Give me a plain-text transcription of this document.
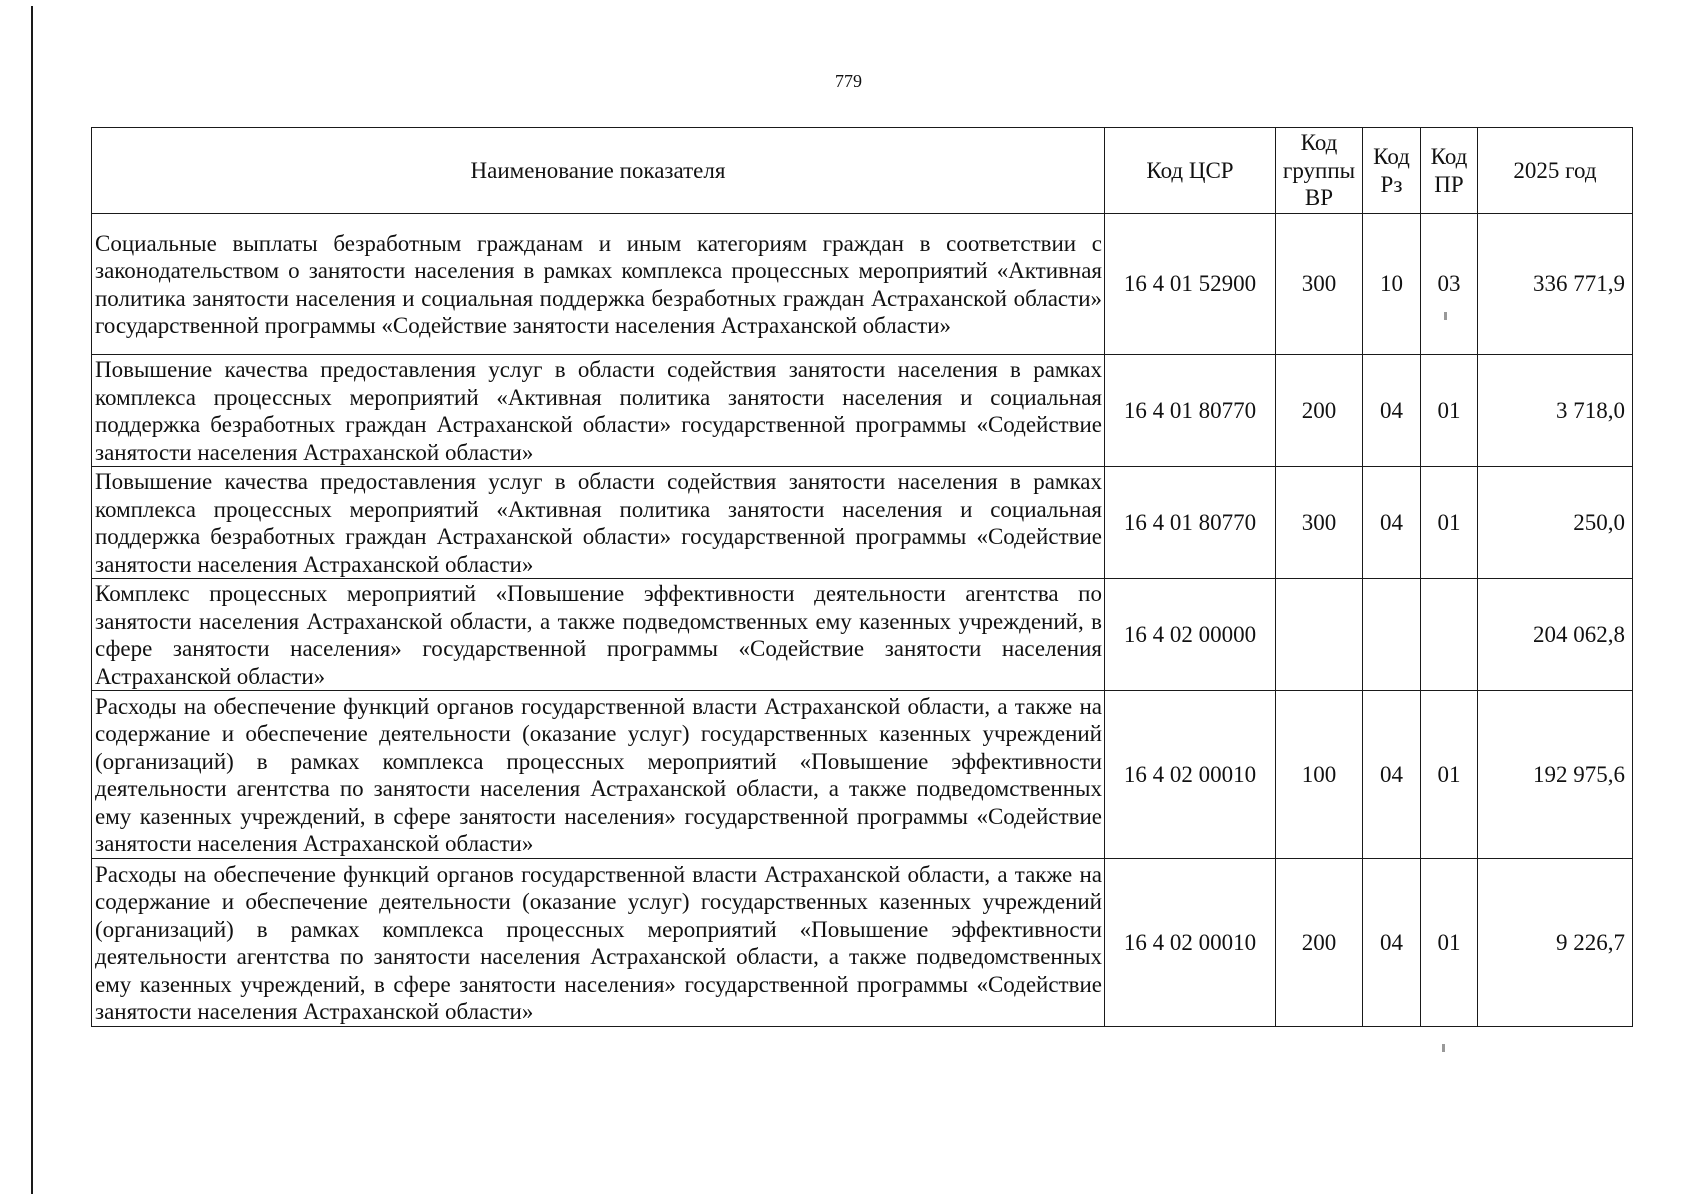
779
Наименование показателя	Код ЦСР	Код группы ВР	Код Рз	Код ПР	2025 год
Социальные выплаты безработным гражданам и иным категориям граждан в соответствии с законодательством о занятости населения в рамках комплекса процессных мероприятий «Активная политика занятости населения и социальная поддержка безработных граждан Астраханской области» государственной программы «Содействие занятости населения Астраханской области»	16 4 01 52900	300	10	03	336 771,9
Повышение качества предоставления услуг в области содействия занятости населения в рамках комплекса процессных мероприятий «Активная политика занятости населения и социальная поддержка безработных граждан Астраханской области» государственной программы «Содействие занятости населения Астраханской области»	16 4 01 80770	200	04	01	3 718,0
Повышение качества предоставления услуг в области содействия занятости населения в рамках комплекса процессных мероприятий «Активная политика занятости населения и социальная поддержка безработных граждан Астраханской области» государственной программы «Содействие занятости населения Астраханской области»	16 4 01 80770	300	04	01	250,0
Комплекс процессных мероприятий «Повышение эффективности деятельности агентства по занятости населения Астраханской области, а также подведомственных ему казенных учреждений, в сфере занятости населения» государственной программы «Содействие занятости населения Астраханской области»	16 4 02 00000				204 062,8
Расходы на обеспечение функций органов государственной власти Астраханской области, а также на содержание и обеспечение деятельности (оказание услуг) государственных казенных учреждений (организаций) в рамках комплекса процессных мероприятий «Повышение эффективности деятельности агентства по занятости населения Астраханской области, а также подведомственных ему казенных учреждений, в сфере занятости населения» государственной программы «Содействие занятости населения Астраханской области»	16 4 02 00010	100	04	01	192 975,6
Расходы на обеспечение функций органов государственной власти Астраханской области, а также на содержание и обеспечение деятельности (оказание услуг) государственных казенных учреждений (организаций) в рамках комплекса процессных мероприятий «Повышение эффективности деятельности агентства по занятости населения Астраханской области, а также подведомственных ему казенных учреждений, в сфере занятости населения» государственной программы «Содействие занятости населения Астраханской области»	16 4 02 00010	200	04	01	9 226,7
